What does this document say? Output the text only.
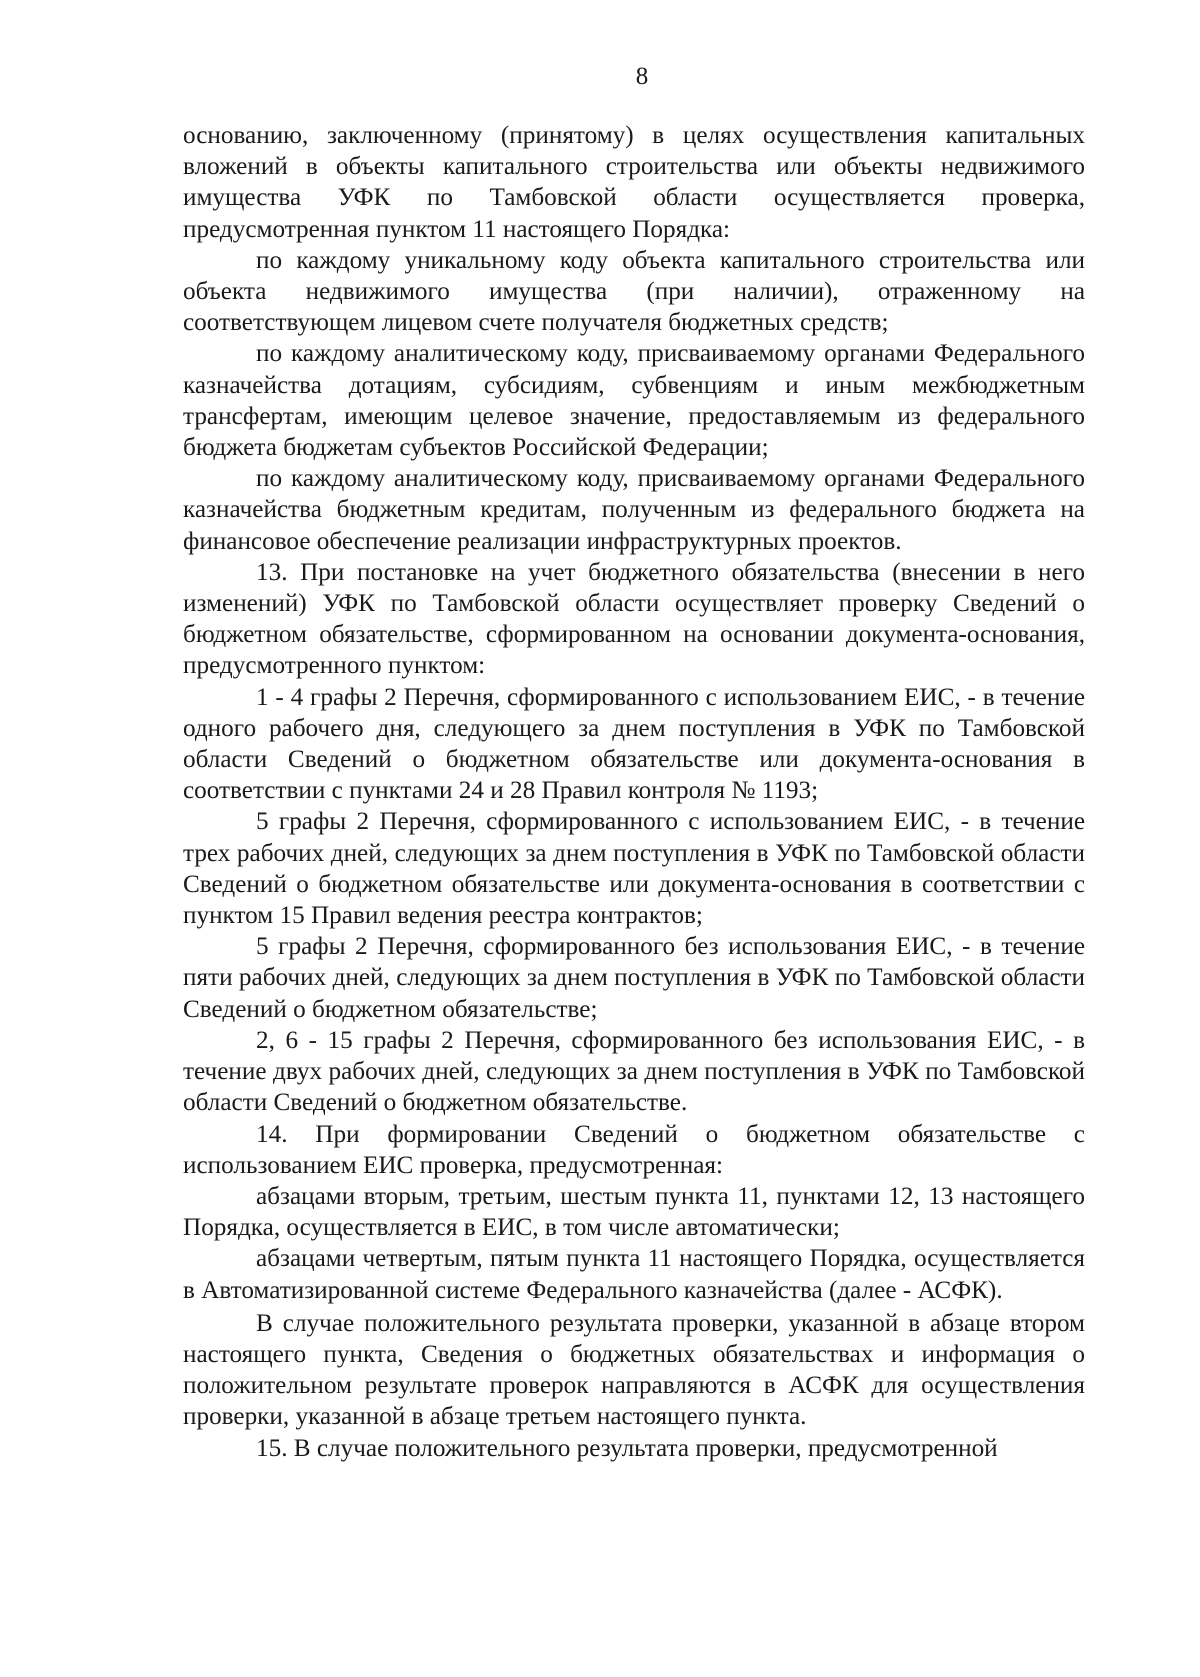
8

основанию, заключенному (принятому) в целях осуществления капитальных вложений в объекты капитального строительства или объекты недвижимого имущества УФК по Тамбовской области осуществляется проверка, предусмотренная пунктом 11 настоящего Порядка:

по каждому уникальному коду объекта капитального строительства или объекта недвижимого имущества (при наличии), отраженному на соответствующем лицевом счете получателя бюджетных средств;

по каждому аналитическому коду, присваиваемому органами Федерального казначейства дотациям, субсидиям, субвенциям и иным межбюджетным трансфертам, имеющим целевое значение, предоставляемым из федерального бюджета бюджетам субъектов Российской Федерации;

по каждому аналитическому коду, присваиваемому органами Федерального казначейства бюджетным кредитам, полученным из федерального бюджета на финансовое обеспечение реализации инфраструктурных проектов.

13. При постановке на учет бюджетного обязательства (внесении в него изменений) УФК по Тамбовской области осуществляет проверку Сведений о бюджетном обязательстве, сформированном на основании документа-основания, предусмотренного пунктом:

1 - 4 графы 2 Перечня, сформированного с использованием ЕИС, - в течение одного рабочего дня, следующего за днем поступления в УФК по Тамбовской области Сведений о бюджетном обязательстве или документа-основания в соответствии с пунктами 24 и 28 Правил контроля № 1193;

5 графы 2 Перечня, сформированного с использованием ЕИС, - в течение трех рабочих дней, следующих за днем поступления в УФК по Тамбовской области Сведений о бюджетном обязательстве или документа-основания в соответствии с пунктом 15 Правил ведения реестра контрактов;

5 графы 2 Перечня, сформированного без использования ЕИС, - в течение пяти рабочих дней, следующих за днем поступления в УФК по Тамбовской области Сведений о бюджетном обязательстве;

2, 6 - 15 графы 2 Перечня, сформированного без использования ЕИС, - в течение двух рабочих дней, следующих за днем поступления в УФК по Тамбовской области Сведений о бюджетном обязательстве.

14. При формировании Сведений о бюджетном обязательстве с использованием ЕИС проверка, предусмотренная:

абзацами вторым, третьим, шестым пункта 11, пунктами 12, 13 настоящего Порядка, осуществляется в ЕИС, в том числе автоматически;

абзацами четвертым, пятым пункта 11 настоящего Порядка, осуществляется в Автоматизированной системе Федерального казначейства (далее - АСФК).

В случае положительного результата проверки, указанной в абзаце втором настоящего пункта, Сведения о бюджетных обязательствах и информация о положительном результате проверок направляются в АСФК для осуществления проверки, указанной в абзаце третьем настоящего пункта.

15. В случае положительного результата проверки, предусмотренной
